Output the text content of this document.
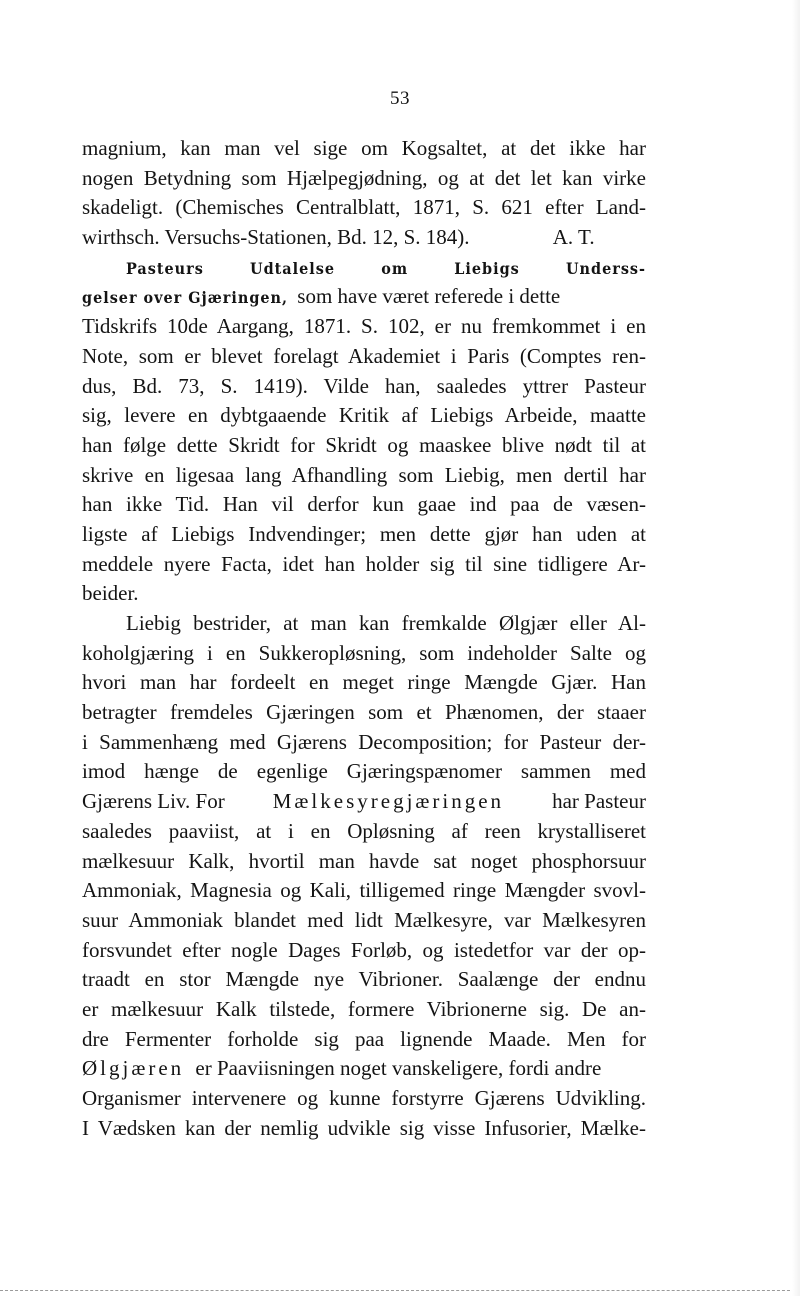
53
magnium, kan man vel sige om Kogsaltet, at det ikke har
nogen Betydning som Hjælpegjødning, og at det let kan virke
skadeligt. (Chemisches Centralblatt, 1871, S. 621 efter Land-
wirthsch. Versuchs-Stationen, Bd. 12, S. 184).	A. T.
Pasteurs Udtalelse om Liebigs Underss-
gelser over Gjæringen, som have været referede i dette
Tidskrifs 10de Aargang, 1871. S. 102, er nu fremkommet i en
Note, som er blevet forelagt Akademiet i Paris (Comptes ren-
dus, Bd. 73, S. 1419). Vilde han, saaledes yttrer Pasteur
sig, levere en dybtgaaende Kritik af Liebigs Arbeide, maatte
han følge dette Skridt for Skridt og maaskee blive nødt til at
skrive en ligesaa lang Afhandling som Liebig, men dertil har
han ikke Tid. Han vil derfor kun gaae ind paa de væsen-
ligste af Liebigs Indvendinger; men dette gjør han uden at
meddele nyere Facta, idet han holder sig til sine tidligere Ar-
beider.
Liebig bestrider, at man kan fremkalde Ølgjær eller Al-
koholgjæring i en Sukkeropløsning, som indeholder Salte og
hvori man har fordeelt en meget ringe Mængde Gjær. Han
betragter fremdeles Gjæringen som et Phænomen, der staaer
i Sammenhæng med Gjærens Decomposition; for Pasteur der-
imod hænge de egenlige Gjæringspænomer sammen med
Gjærens Liv. For Mælkesyregjæringen har Pasteur
saaledes paaviist, at i en Opløsning af reen krystalliseret
mælkesuur Kalk, hvortil man havde sat noget phosphorsuur
Ammoniak, Magnesia og Kali, tilligemed ringe Mængder svovl-
suur Ammoniak blandet med lidt Mælkesyre, var Mælkesyren
forsvundet efter nogle Dages Forløb, og istedetfor var der op-
traadt en stor Mængde nye Vibrioner. Saalænge der endnu
er mælkesuur Kalk tilstede, formere Vibrionerne sig. De an-
dre Fermenter forholde sig paa lignende Maade. Men for
Ølgjæren er Paaviisningen noget vanskeligere, fordi andre
Organismer intervenere og kunne forstyrre Gjærens Udvikling.
I Vædsken kan der nemlig udvikle sig visse Infusorier, Mælke-
